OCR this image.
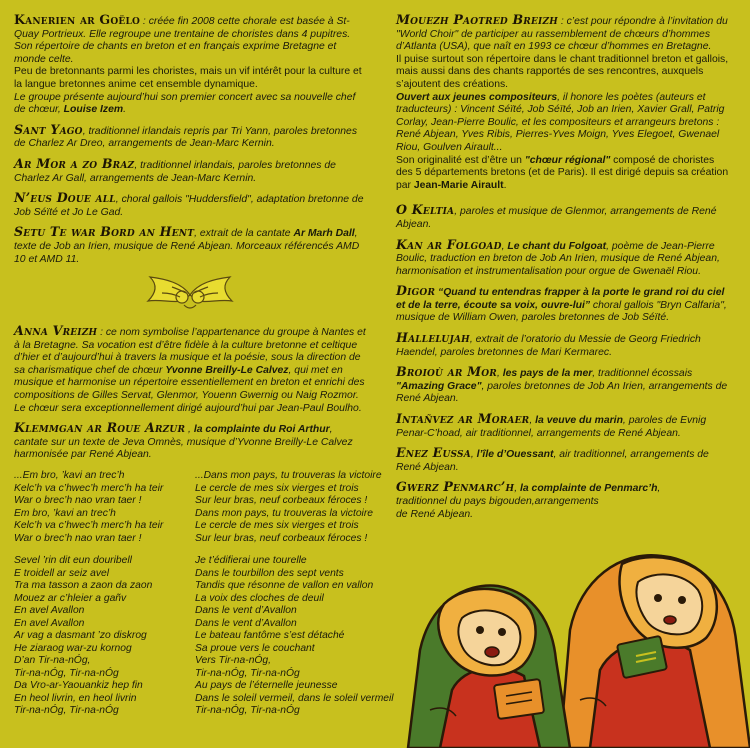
Kanerien ar Goëlo : créée fin 2008 cette chorale est basée à St-Quay Portrieux. Elle regroupe une trentaine de choristes dans 4 pupitres. Son répertoire de chants en breton et en français exprime Bretagne et monde celte.

Peu de bretonnants parmi les choristes, mais un vif intérêt pour la culture et la langue bretonnes anime cet ensemble dynamique.

Le groupe présente aujourd’hui son premier concert avec sa nouvelle chef de chœur, Louise Izem.

Sant Yago, traditionnel irlandais repris par Tri Yann, paroles bretonnes de Charlez Ar Dreo, arrangements de Jean-Marc Kernin.

Ar Mor a zo Braz, traditionnel irlandais, paroles bretonnes de Charlez Ar Gall, arrangements de Jean-Marc Kernin.

N’eus Doue all, choral gallois "Huddersfield", adaptation bretonne de Job Séïté et Jo Le Gad.

Setu Te war Bord an Hent, extrait de la cantate Ar Marh Dall, texte de Job an Irien, musique de René Abjean. Morceaux référencés AMD 10 et AMD 11.

Anna Vreizh : ce nom symbolise l’appartenance du groupe à Nantes et à la Bretagne. Sa vocation est d’être fidèle à la culture bretonne et celtique d’hier et d’aujourd’hui à travers la musique et la poésie, sous la direction de sa charismatique chef de chœur Yvonne Breilly-Le Calvez, qui met en musique et harmonise un répertoire essentiellement en breton et enrichi des compositions de Gilles Servat, Glenmor, Youenn Gwernig ou Naig Rozmor.

Le chœur sera exceptionnellement dirigé aujourd’hui par Jean-Paul Boulho.

Klemmgan ar Roue Arzur , la complainte du Roi Arthur, cantate sur un texte de Jeva Omnès, musique d’Yvonne Breilly-Le Calvez harmonisée par René Abjean.

...Em bro, ’kavi an trec’h
Kelc’h va c’hwec’h merc’h ha teir
War o brec’h nao vran taer !
Em bro, ’kavi an trec’h
Kelc’h va c’hwec’h merc’h ha teir
War o brec’h nao vran taer !
Sevel ’rin dit eun douribell
E troidell ar seiz avel
Tra ma tasson a zaon da zaon
Mouez ar c’hleier a gañv
En avel Avallon
En avel Avallon
Ar vag a dasmant ’zo diskrog
He ziaraog war-zu kornog
D’an Tir-na-nÓg,
Tir-na-nÓg, Tir-na-nÓg
Da Vro-ar-Yaouankiz hep fin
En heol livrin, en heol livrin
Tir-na-nÓg, Tir-na-nÓg
...Dans mon pays, tu trouveras la victoire
Le cercle de mes six vierges et trois
Sur leur bras, neuf corbeaux féroces !
Dans mon pays, tu trouveras la victoire
Le cercle de mes six vierges et trois
Sur leur bras, neuf corbeaux féroces !
Je t’édifierai une tourelle
Dans le tourbillon des sept vents
Tandis que résonne de vallon en vallon
La voix des cloches de deuil
Dans le vent d’Avallon
Dans le vent d’Avallon
Le bateau fantôme s’est détaché
Sa proue vers le couchant
Vers Tir-na-nÓg,
Tir-na-nÓg, Tir-na-nÓg
Au pays de l’éternelle jeunesse
Dans le soleil vermeil, dans le soleil vermeil
Tir-na-nÓg, Tir-na-nÓg

Mouezh Paotred Breizh : c’est pour répondre à l’invitation du "World Choir" de participer au rassemblement de chœurs d’hommes d’Atlanta (USA), que naît en 1993 ce chœur d’hommes en Bretagne.

Il puise surtout son répertoire dans le chant traditionnel breton et gallois, mais aussi dans des chants rapportés de ses rencontres, auxquels s’ajoutent des créations.

Ouvert aux jeunes compositeurs, il honore les poètes (auteurs et traducteurs) : Vincent Séïté, Job Séïté, Job an Irien, Xavier Grall, Patrig Corlay, Jean-Pierre Boulic, et les compositeurs et arrangeurs bretons : René Abjean, Yves Ribis, Pierres-Yves Moign, Yves Elegoet, Gwenael Riou, Goulven Airault...

Son originalité est d’être un "chœur régional" composé de choristes des 5 départements bretons (et de Paris). Il est dirigé depuis sa création par Jean-Marie Airault.

O Keltia, paroles et musique de Glenmor, arrangements de René Abjean.

Kan ar Folgoad, Le chant du Folgoat, poème de Jean-Pierre Boulic, traduction en breton de Job An Irien, musique de René Abjean, harmonisation et instrumentalisation pour orgue de Gwenaël Riou.

Digor “Quand tu entendras frapper à la porte le grand roi du ciel et de la terre, écoute sa voix, ouvre-lui” choral gallois "Bryn Calfaria", musique de William Owen, paroles bretonnes de Job Séïté.

Hallelujah, extrait de l’oratorio du Messie de Georg Friedrich Haendel, paroles bretonnes de Mari Kermarec.

Broioù ar Mor, les pays de la mer, traditionnel écossais "Amazing Grace", paroles bretonnes de Job An Irien, arrangements de René Abjean.

Intañvez ar Moraer, la veuve du marin, paroles de Evnig Penar-C’hoad, air traditionnel, arrangements de René Abjean.

Enez Eussa, l’île d’Ouessant, air traditionnel, arrangements de René Abjean.

Gwerz Penmarc’h, la complainte de Penmarc’h,

traditionnel du pays bigouden,arrangements

de René Abjean.
